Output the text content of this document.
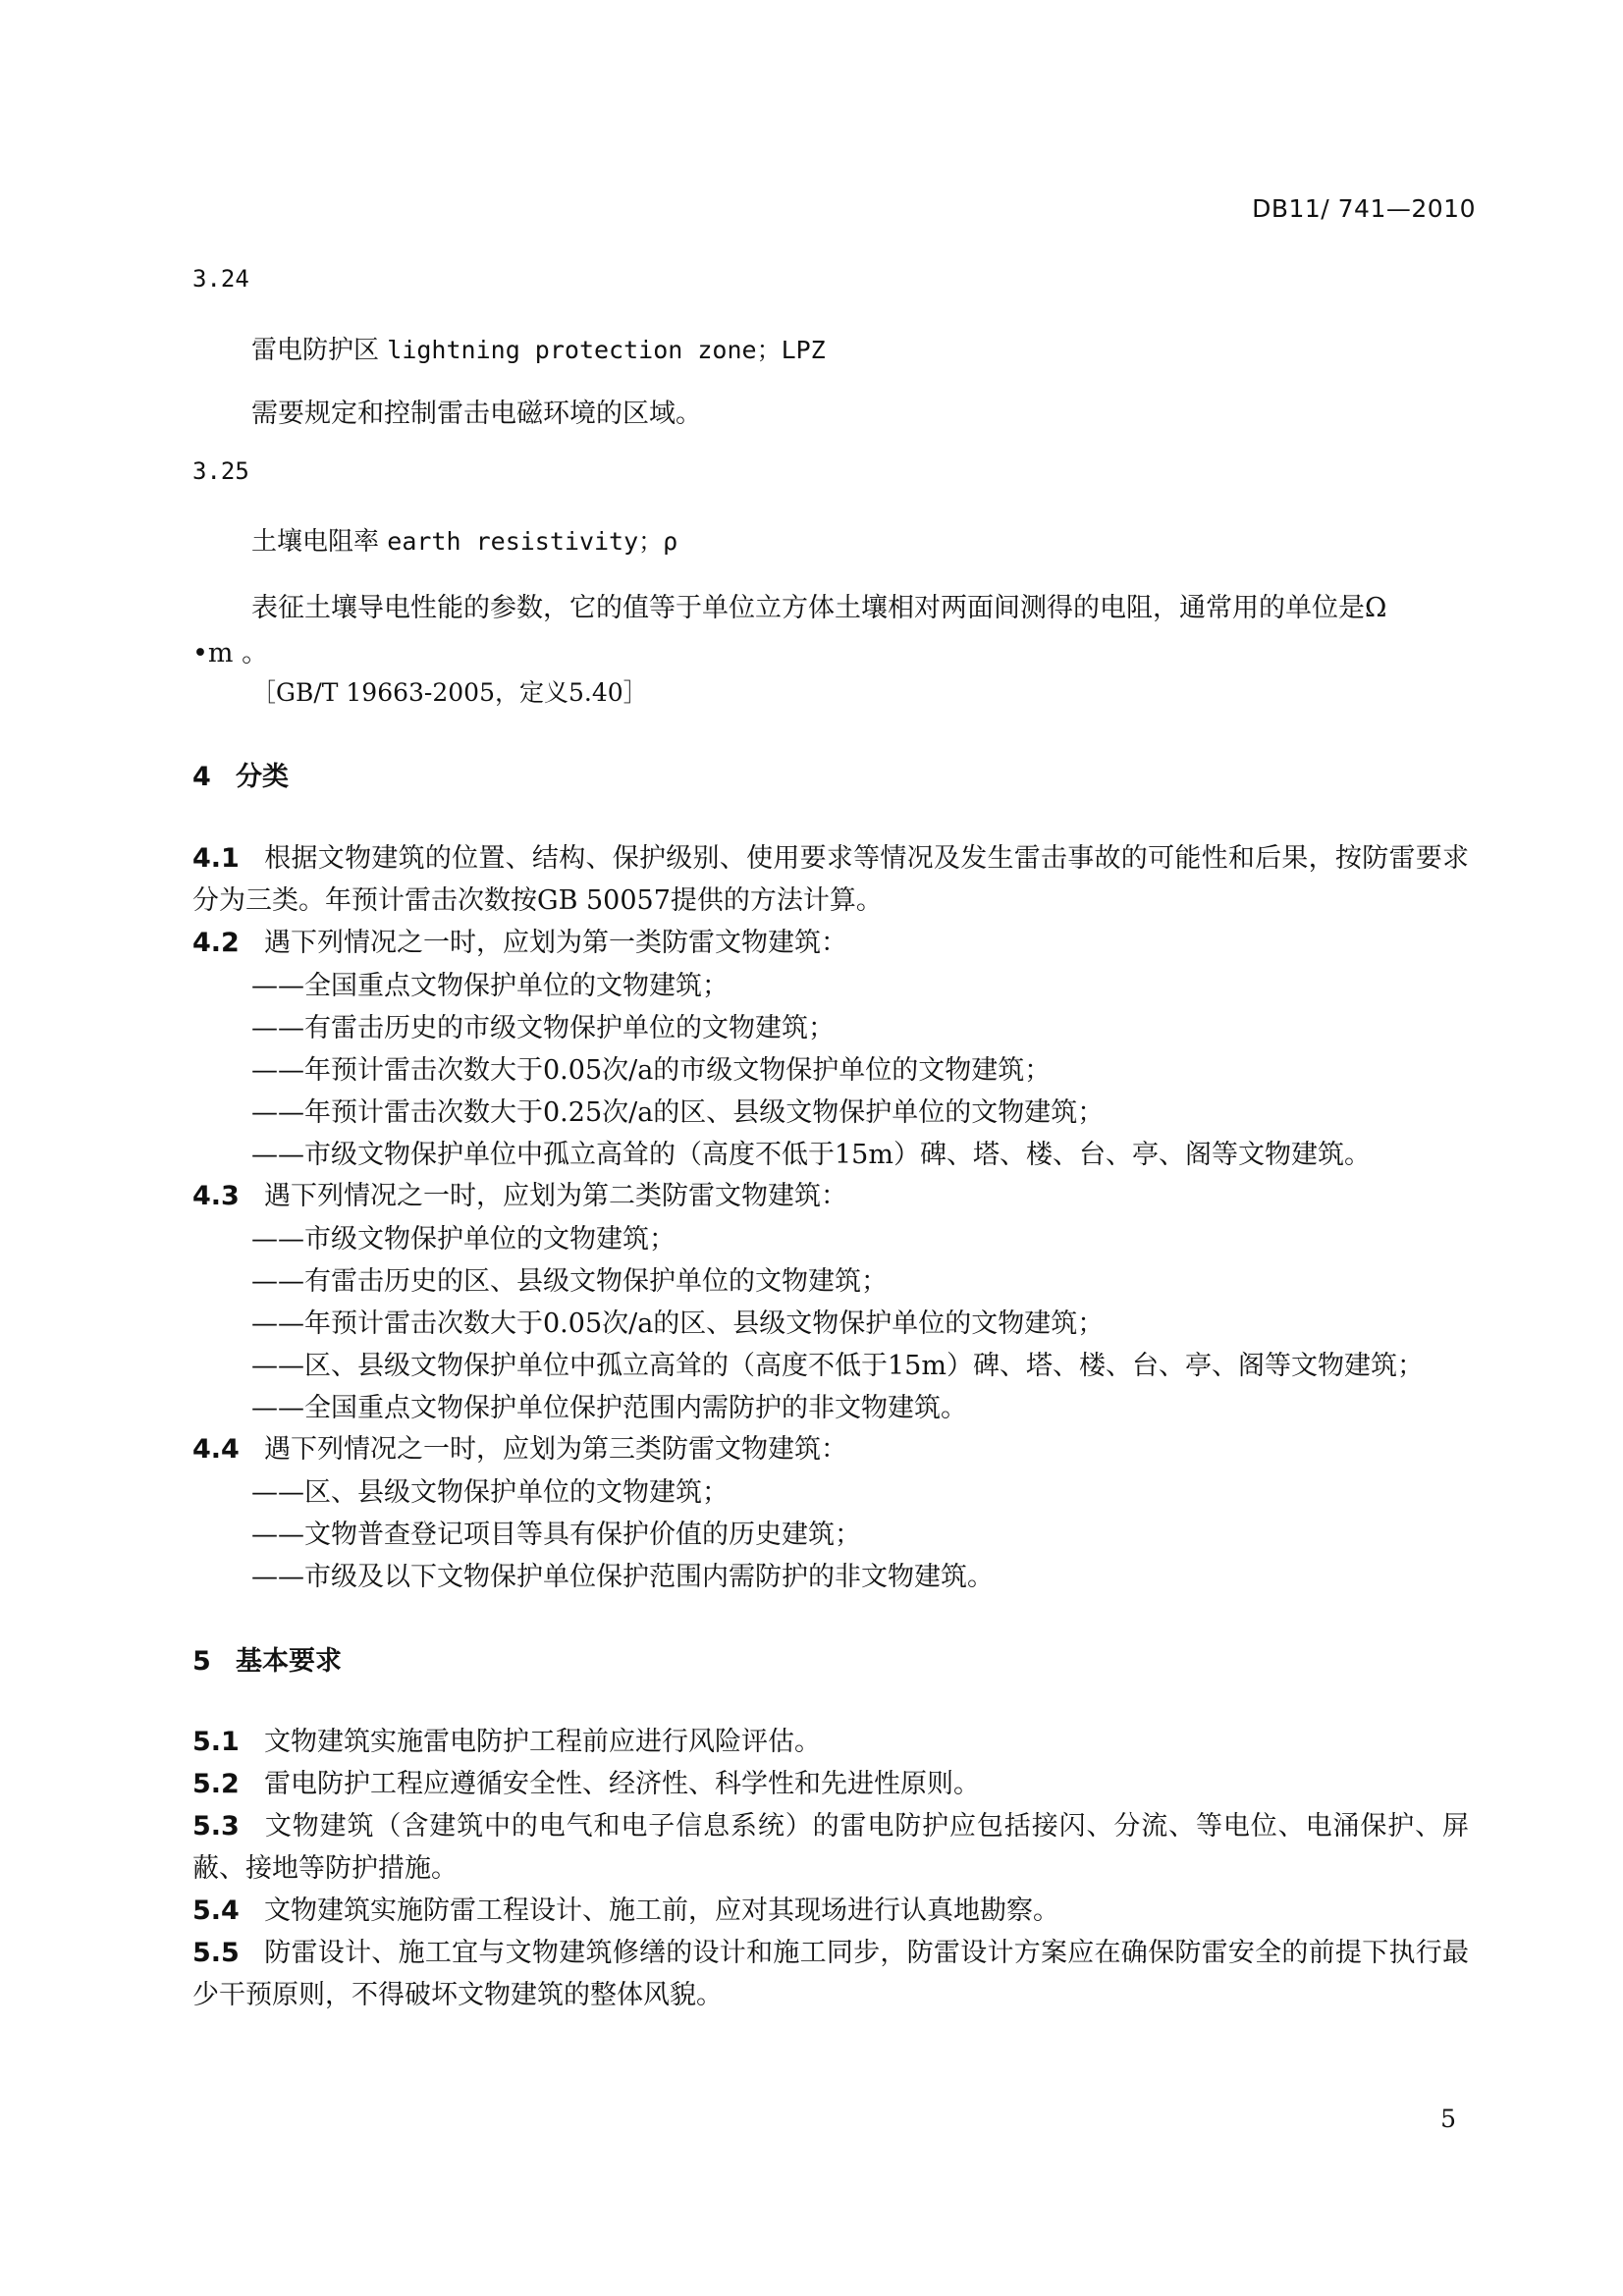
DB11/ 741—2010
3.24
雷电防护区 lightning protection zone；LPZ
需要规定和控制雷击电磁环境的区域。
3.25
土壤电阻率 earth resistivity；ρ
表征土壤导电性能的参数，它的值等于单位立方体土壤相对两面间测得的电阻，通常用的单位是Ω
•m 。
［GB/T 19663-2005，定义5.40］
4 分类
4.1 根据文物建筑的位置、结构、保护级别、使用要求等情况及发生雷击事故的可能性和后果，按防雷要求分为三类。年预计雷击次数按GB 50057提供的方法计算。
4.2 遇下列情况之一时，应划为第一类防雷文物建筑：
——全国重点文物保护单位的文物建筑；
——有雷击历史的市级文物保护单位的文物建筑；
——年预计雷击次数大于0.05次/a的市级文物保护单位的文物建筑；
——年预计雷击次数大于0.25次/a的区、县级文物保护单位的文物建筑；
——市级文物保护单位中孤立高耸的（高度不低于15m）碑、塔、楼、台、亭、阁等文物建筑。
4.3 遇下列情况之一时，应划为第二类防雷文物建筑：
——市级文物保护单位的文物建筑；
——有雷击历史的区、县级文物保护单位的文物建筑；
——年预计雷击次数大于0.05次/a的区、县级文物保护单位的文物建筑；
——区、县级文物保护单位中孤立高耸的（高度不低于15m）碑、塔、楼、台、亭、阁等文物建筑；
——全国重点文物保护单位保护范围内需防护的非文物建筑。
4.4 遇下列情况之一时，应划为第三类防雷文物建筑：
——区、县级文物保护单位的文物建筑；
——文物普查登记项目等具有保护价值的历史建筑；
——市级及以下文物保护单位保护范围内需防护的非文物建筑。
5 基本要求
5.1 文物建筑实施雷电防护工程前应进行风险评估。
5.2 雷电防护工程应遵循安全性、经济性、科学性和先进性原则。
5.3 文物建筑（含建筑中的电气和电子信息系统）的雷电防护应包括接闪、分流、等电位、电涌保护、屏蔽、接地等防护措施。
5.4 文物建筑实施防雷工程设计、施工前，应对其现场进行认真地勘察。
5.5 防雷设计、施工宜与文物建筑修缮的设计和施工同步，防雷设计方案应在确保防雷安全的前提下执行最少干预原则，不得破坏文物建筑的整体风貌。
5
